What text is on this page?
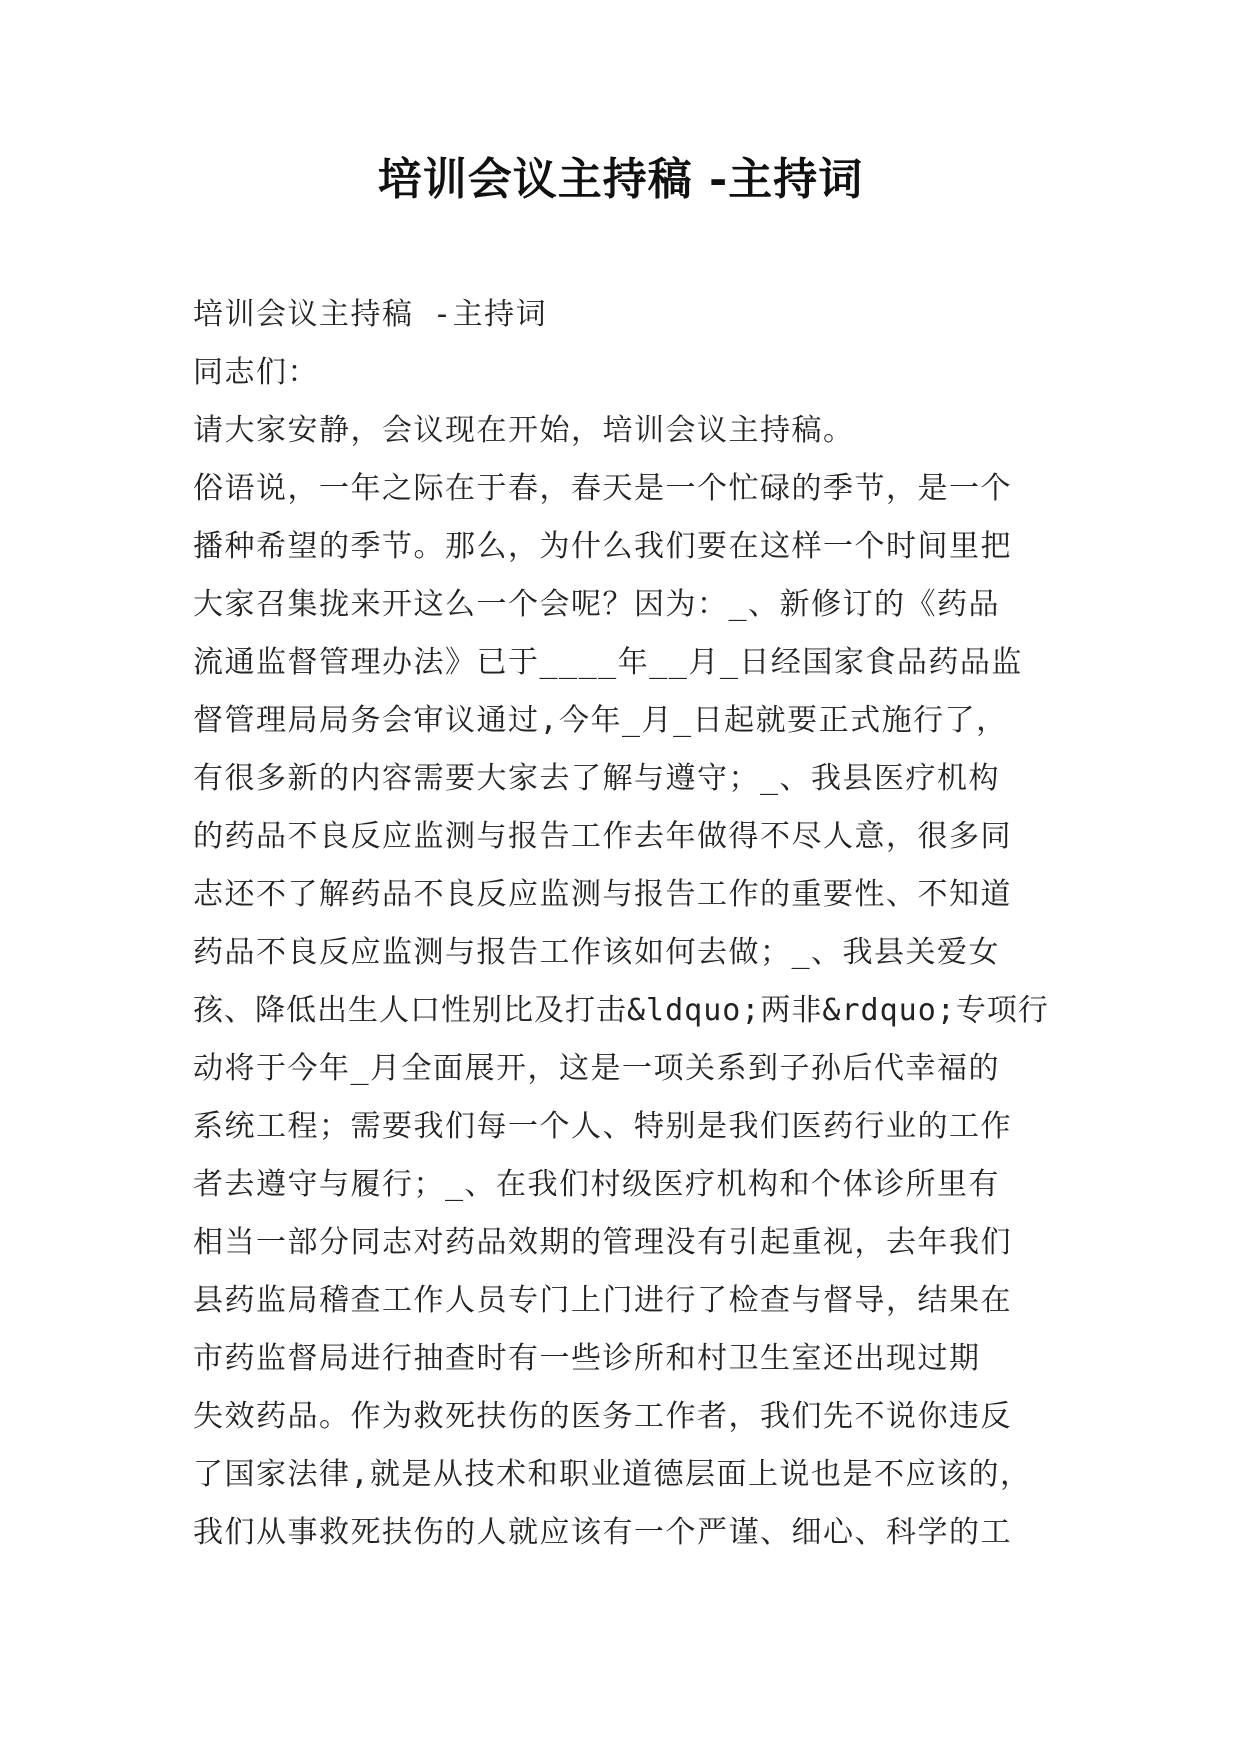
培训会议主持稿 -主持词
培训会议主持稿 -主持词
同志们：
请大家安静，会议现在开始，培训会议主持稿。
俗语说，一年之际在于春，春天是一个忙碌的季节，是一个
播种希望的季节。那么，为什么我们要在这样一个时间里把
大家召集拢来开这么一个会呢？因为：_、新修订的《药品
流通监督管理办法》已于____年__月_日经国家食品药品监
督管理局局务会审议通过,今年_月_日起就要正式施行了，
有很多新的内容需要大家去了解与遵守；_、我县医疗机构
的药品不良反应监测与报告工作去年做得不尽人意，很多同
志还不了解药品不良反应监测与报告工作的重要性、不知道
药品不良反应监测与报告工作该如何去做；_、我县关爱女
孩、降低出生人口性别比及打击&ldquo;两非&rdquo;专项行
动将于今年_月全面展开，这是一项关系到子孙后代幸福的
系统工程；需要我们每一个人、特别是我们医药行业的工作
者去遵守与履行；_、在我们村级医疗机构和个体诊所里有
相当一部分同志对药品效期的管理没有引起重视，去年我们
县药监局稽查工作人员专门上门进行了检查与督导，结果在
市药监督局进行抽查时有一些诊所和村卫生室还出现过期
失效药品。作为救死扶伤的医务工作者，我们先不说你违反
了国家法律,就是从技术和职业道德层面上说也是不应该的，
我们从事救死扶伤的人就应该有一个严谨、细心、科学的工
